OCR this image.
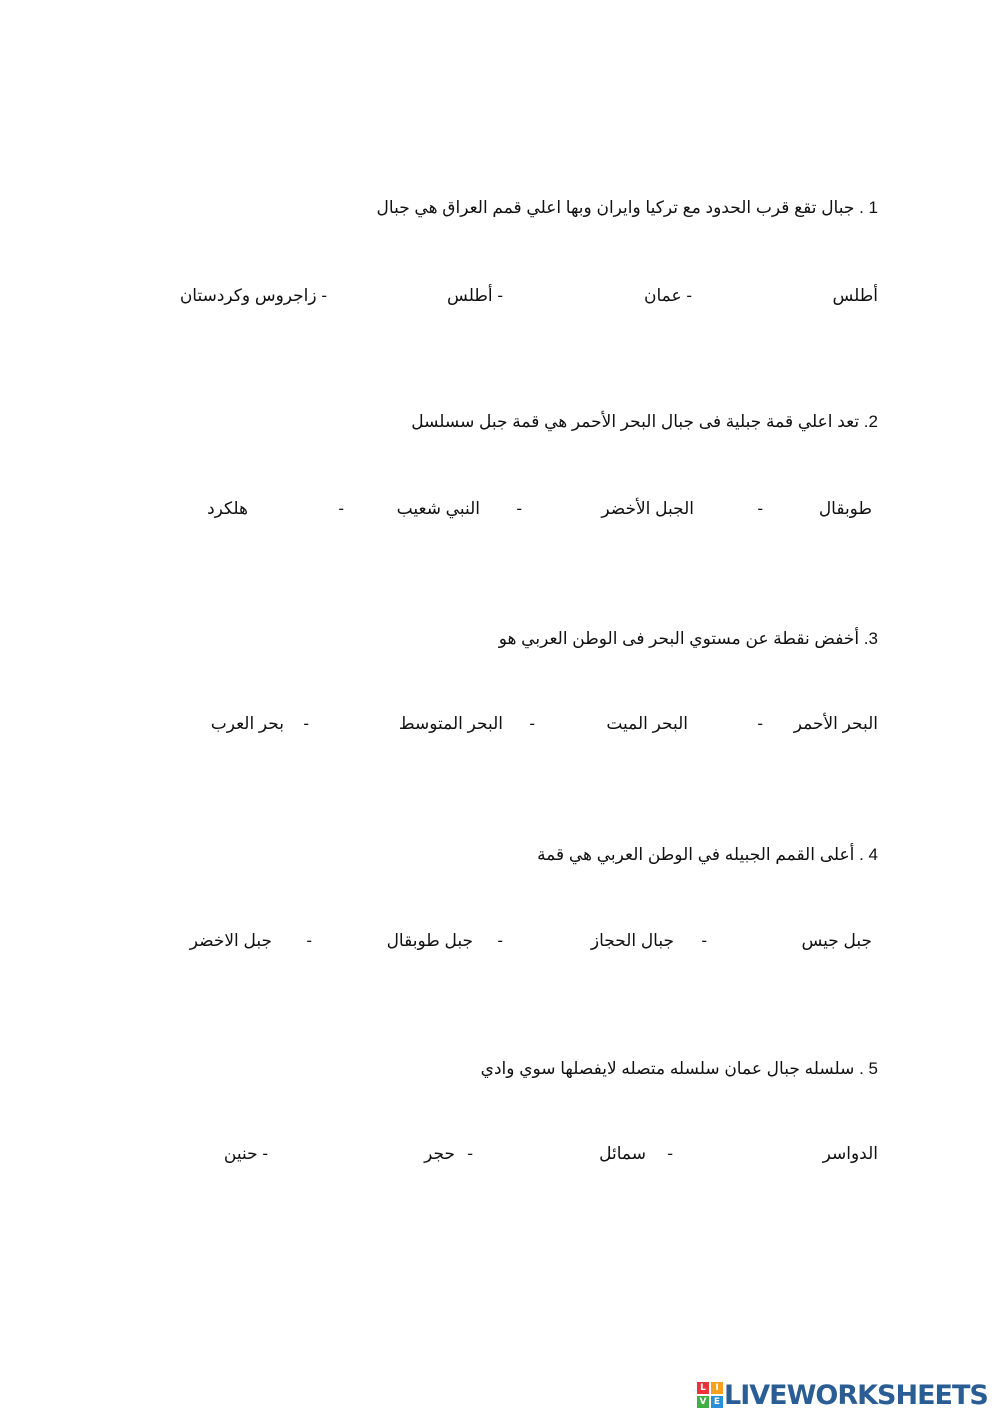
1 . جبال تقع قرب الحدود مع تركيا وايران وبها اعلي قمم العراق هي جبال
أطلس
- عمان
- أطلس
- زاجروس وكردستان
2. تعد اعلي قمة جبلية فى جبال البحر الأحمر هي قمة جبل سسلسل
طوبقال
-
الجبل الأخضر
-
النبي شعيب
-
هلكرد
3. أخفض نقطة عن مستوي البحر فى الوطن العربي هو
البحر الأحمر
-
البحر الميت
-
البحر المتوسط
-
بحر العرب
4 . أعلى القمم الجبيله في الوطن العربي هي قمة
جبل جيس
-
جبال الحجاز
-
جبل طوبقال
-
جبل الاخضر
5 . سلسله جبال عمان سلسله متصله لايفصلها سوي وادي
الدواسر
-
سمائل
-
حجر
- حنين
L	I
V E LIVEWORKSHEETS
